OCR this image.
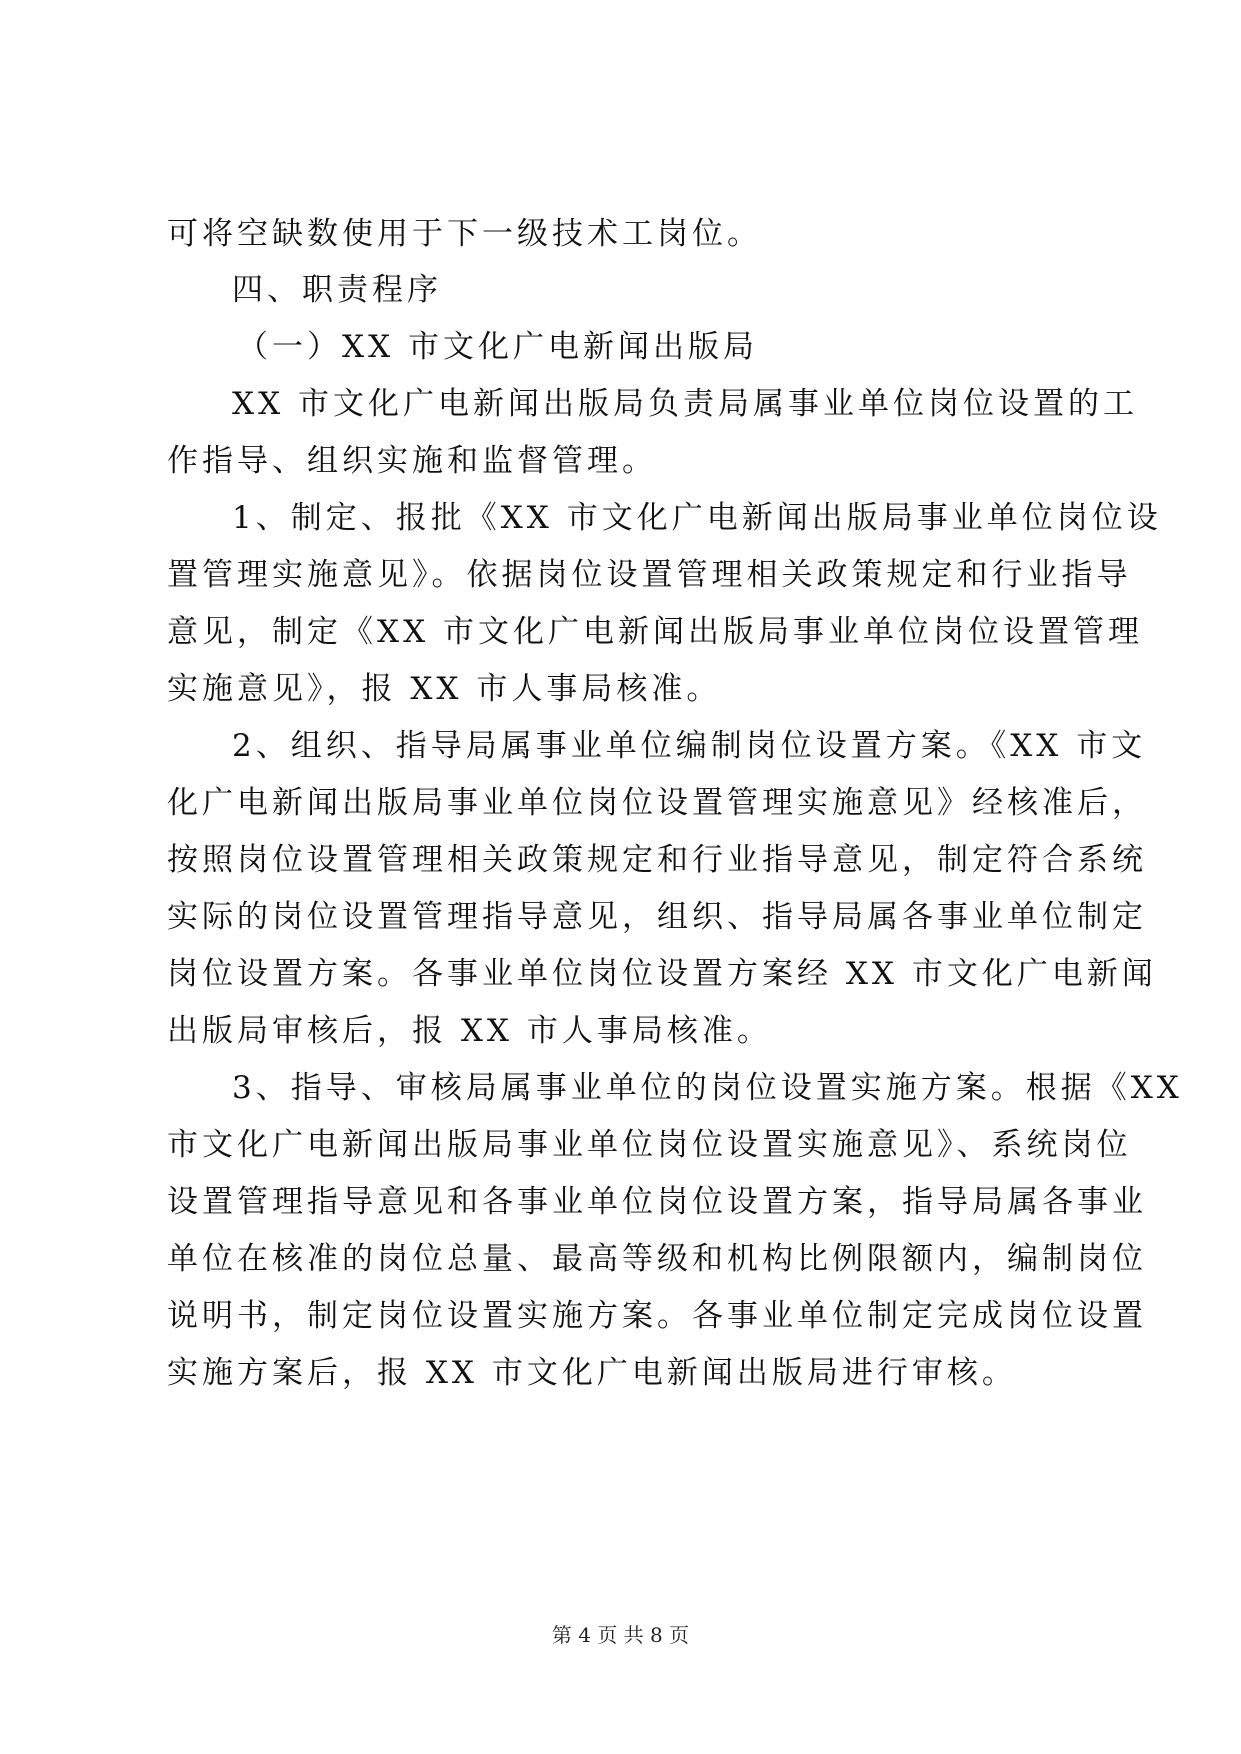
可将空缺数使用于下一级技术工岗位。
四、职责程序
（一）XX 市文化广电新闻出版局
XX 市文化广电新闻出版局负责局属事业单位岗位设置的工
作指导、组织实施和监督管理。
1、制定、报批《XX 市文化广电新闻出版局事业单位岗位设
置管理实施意见》。依据岗位设置管理相关政策规定和行业指导
意见，制定《XX 市文化广电新闻出版局事业单位岗位设置管理
实施意见》，报 XX 市人事局核准。
2、组织、指导局属事业单位编制岗位设置方案。《XX 市文
化广电新闻出版局事业单位岗位设置管理实施意见》经核准后，
按照岗位设置管理相关政策规定和行业指导意见，制定符合系统
实际的岗位设置管理指导意见，组织、指导局属各事业单位制定
岗位设置方案。各事业单位岗位设置方案经 XX 市文化广电新闻
出版局审核后，报 XX 市人事局核准。
3、指导、审核局属事业单位的岗位设置实施方案。根据《XX
市文化广电新闻出版局事业单位岗位设置实施意见》、系统岗位
设置管理指导意见和各事业单位岗位设置方案，指导局属各事业
单位在核准的岗位总量、最高等级和机构比例限额内，编制岗位
说明书，制定岗位设置实施方案。各事业单位制定完成岗位设置
实施方案后，报 XX 市文化广电新闻出版局进行审核。
第 4 页 共 8 页
